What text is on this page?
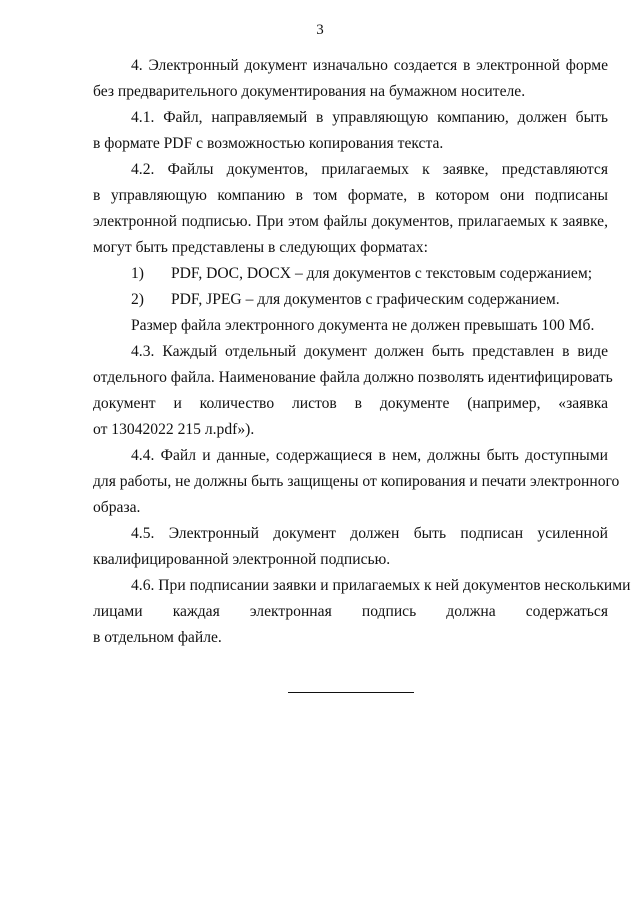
3
4. Электронный документ изначально создается в электронной форме
без предварительного документирования на бумажном носителе.
4.1. Файл, направляемый в управляющую компанию, должен быть
в формате PDF с возможностью копирования текста.
4.2. Файлы документов, прилагаемых к заявке, представляются
в управляющую компанию в том формате, в котором они подписаны
электронной подписью. При этом файлы документов, прилагаемых к заявке,
могут быть представлены в следующих форматах:
1) PDF, DOC, DOCX – для документов с текстовым содержанием;
2) PDF, JPEG – для документов с графическим содержанием.
Размер файла электронного документа не должен превышать 100 Мб.
4.3. Каждый отдельный документ должен быть представлен в виде
отдельного файла. Наименование файла должно позволять идентифицировать
документ и количество листов в документе (например, «заявка
от 13042022 215 л.pdf»).
4.4. Файл и данные, содержащиеся в нем, должны быть доступными
для работы, не должны быть защищены от копирования и печати электронного
образа.
4.5. Электронный документ должен быть подписан усиленной
квалифицированной электронной подписью.
4.6. При подписании заявки и прилагаемых к ней документов несколькими
лицами каждая электронная подпись должна содержаться
в отдельном файле.
